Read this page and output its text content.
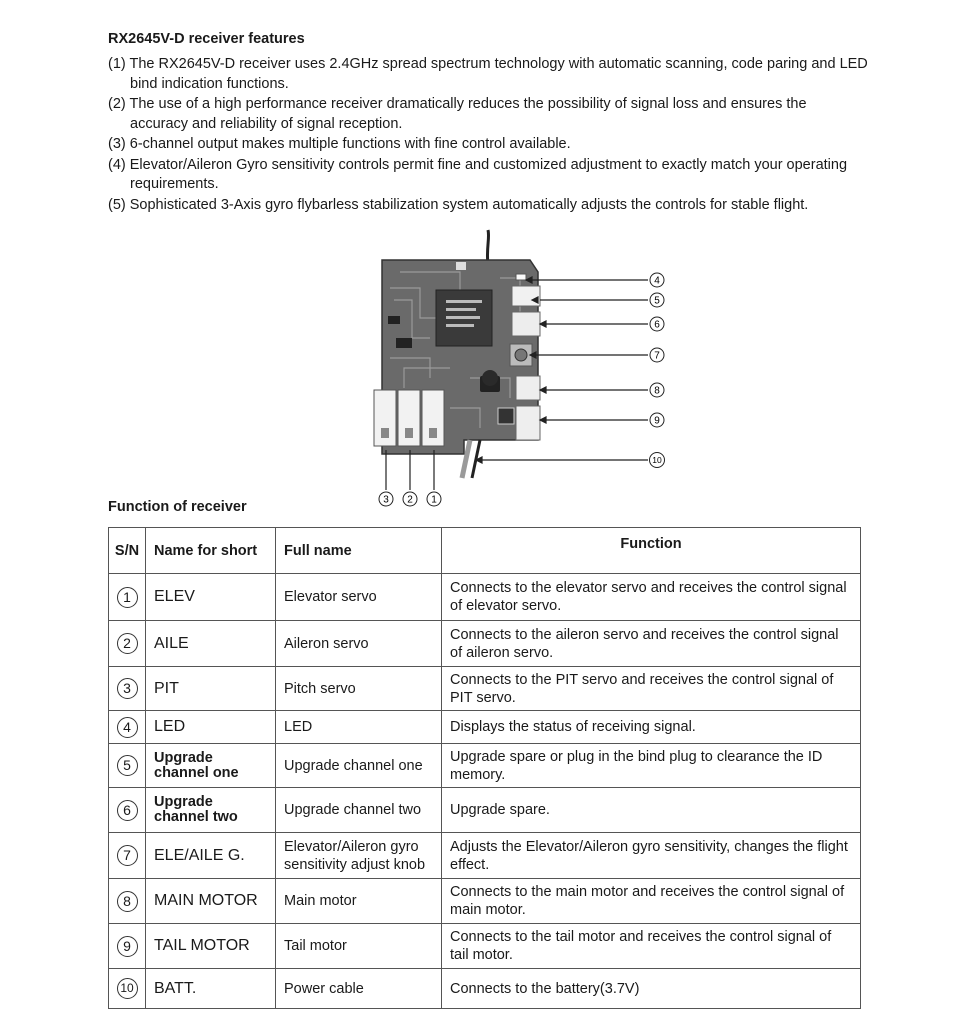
RX2645V-D receiver features
(1) The RX2645V-D receiver uses 2.4GHz spread spectrum technology with automatic scanning, code paring and LED bind indication functions.
(2) The use of a high performance receiver dramatically reduces the possibility of signal loss and ensures the accuracy and reliability of signal reception.
(3) 6-channel output makes multiple functions with fine control available.
(4) Elevator/Aileron Gyro sensitivity controls permit fine and customized adjustment to exactly match your operating requirements.
(5) Sophisticated 3-Axis gyro flybarless stabilization system automatically adjusts the controls for stable flight.
4
5
6
7
8
9
10
3 2 1
Function of receiver
S/N	Name for short	Full name	Function
1	ELEV	Elevator servo	Connects to the elevator servo and receives the control signal of elevator servo.
2	AILE	Aileron servo	Connects to the aileron servo and receives the control signal of aileron servo.
3	PIT	Pitch servo	Connects to the PIT servo and receives the control signal of PIT servo.
4	LED	LED	Displays the status of receiving signal.
5	Upgrade channel one	Upgrade channel one	Upgrade spare or plug in the bind plug to clearance the ID memory.
6	Upgrade channel two	Upgrade channel two	Upgrade spare.
7	ELE/AILE G.	Elevator/Aileron gyro sensitivity adjust knob	Adjusts the Elevator/Aileron gyro sensitivity, changes the flight effect.
8	MAIN MOTOR	Main motor	Connects to the main motor and receives the control signal of main motor.
9	TAIL MOTOR	Tail motor	Connects to the tail motor and receives the control signal of tail motor.
10	BATT.	Power cable	Connects to the battery(3.7V)
